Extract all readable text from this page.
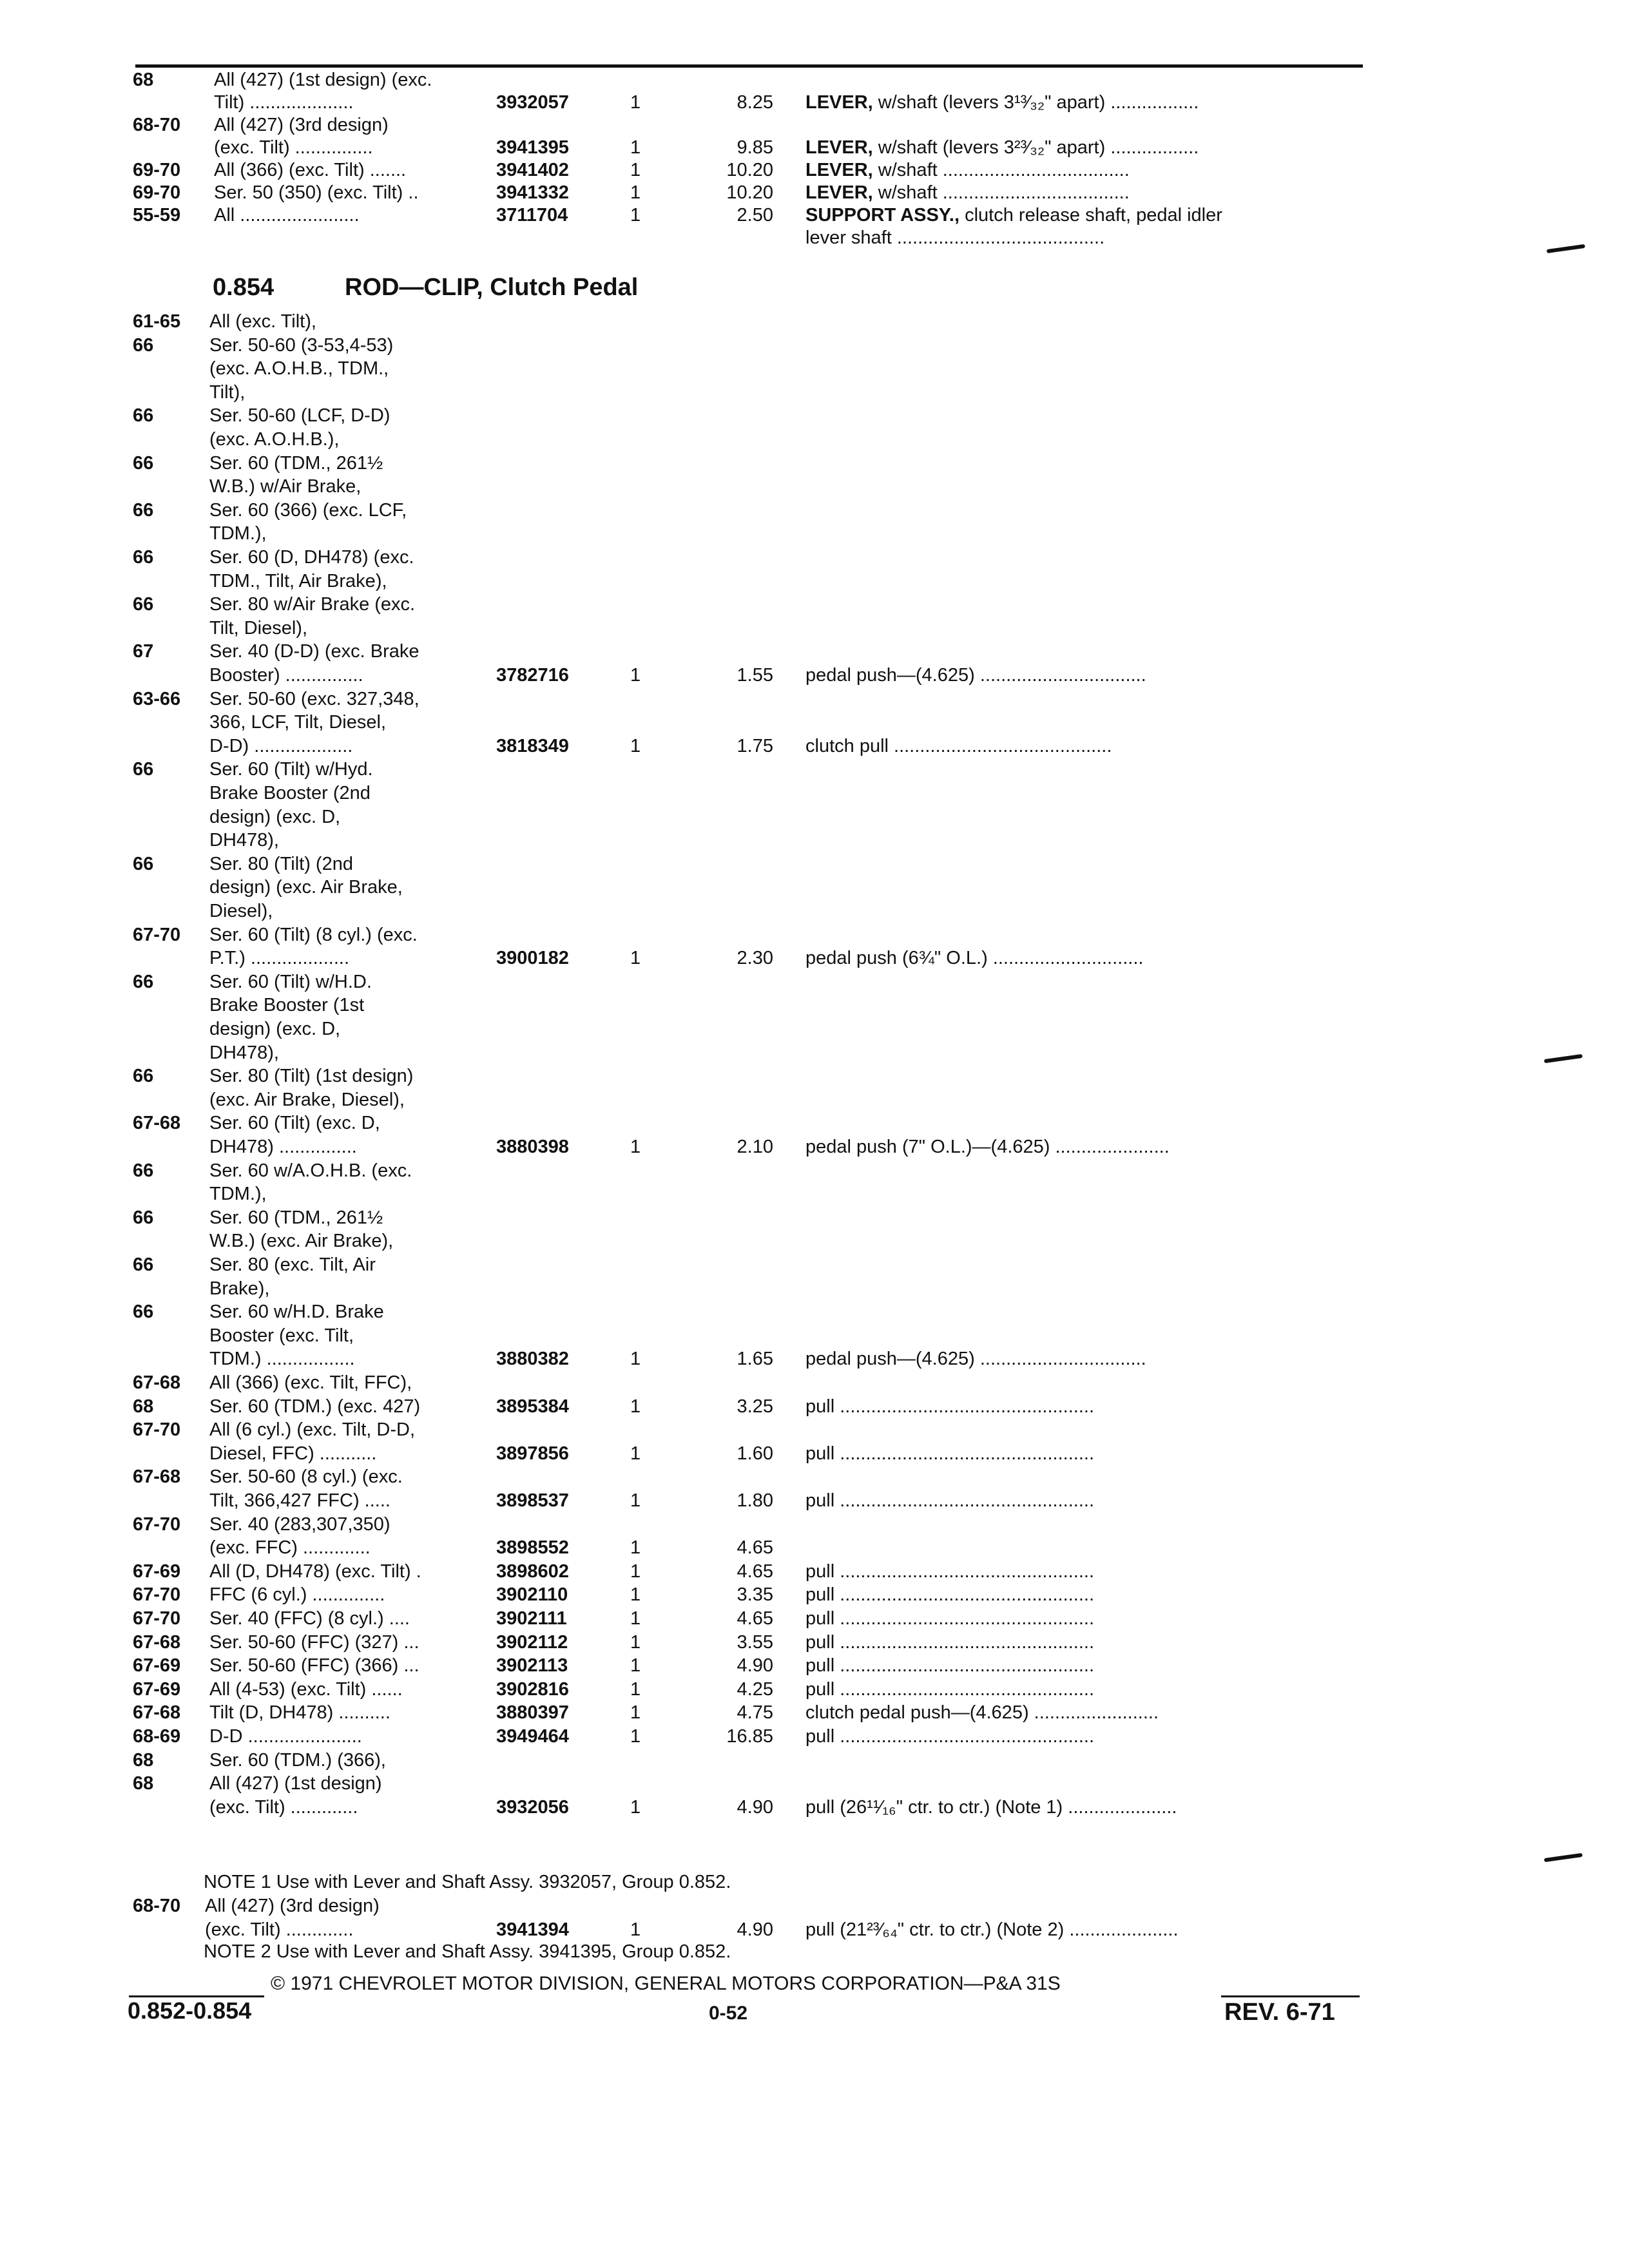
68	All (427) (1st design) (exc.
Tilt) ....................	3932057	1	8.25 LEVER, w/shaft (levers 3¹³⁄₃₂" apart) .................
68-70 All (427) (3rd design)
(exc. Tilt) ...............	3941395	1	9.85 LEVER, w/shaft (levers 3²³⁄₃₂" apart) .................
69-70 All (366) (exc. Tilt) .......	3941402	1	10.20 LEVER, w/shaft ....................................
69-70 Ser. 50 (350) (exc. Tilt) ..	3941332	1	10.20 LEVER, w/shaft ....................................
55-59 All .......................	3711704	1	2.50 SUPPORT ASSY., clutch release shaft, pedal idler
lever shaft ........................................
0.854	ROD—CLIP, Clutch Pedal
61-65 All (exc. Tilt),
66	Ser. 50-60 (3-53,4-53)
(exc. A.O.H.B., TDM.,
Tilt),
66	Ser. 50-60 (LCF, D-D)
(exc. A.O.H.B.),
66	Ser. 60 (TDM., 261½
W.B.) w/Air Brake,
66	Ser. 60 (366) (exc. LCF,
TDM.),
66	Ser. 60 (D, DH478) (exc.
TDM., Tilt, Air Brake),
66	Ser. 80 w/Air Brake (exc.
Tilt, Diesel),
67	Ser. 40 (D-D) (exc. Brake
Booster) ...............	3782716	1	1.55 pedal push—(4.625) ................................
63-66 Ser. 50-60 (exc. 327,348,
366, LCF, Tilt, Diesel,
D-D) ...................	3818349	1	1.75 clutch pull ..........................................
66	Ser. 60 (Tilt) w/Hyd.
Brake Booster (2nd
design) (exc. D,
DH478),
66	Ser. 80 (Tilt) (2nd
design) (exc. Air Brake,
Diesel),
67-70 Ser. 60 (Tilt) (8 cyl.) (exc.
P.T.) ...................	3900182	1	2.30 pedal push (6¾" O.L.) .............................
66	Ser. 60 (Tilt) w/H.D.
Brake Booster (1st
design) (exc. D,
DH478),
66	Ser. 80 (Tilt) (1st design)
(exc. Air Brake, Diesel),
67-68 Ser. 60 (Tilt) (exc. D,
DH478) ...............	3880398	1	2.10 pedal push (7" O.L.)—(4.625) ......................
66	Ser. 60 w/A.O.H.B. (exc.
TDM.),
66	Ser. 60 (TDM., 261½
W.B.) (exc. Air Brake),
66	Ser. 80 (exc. Tilt, Air
Brake),
66	Ser. 60 w/H.D. Brake
Booster (exc. Tilt,
TDM.) .................	3880382	1	1.65 pedal push—(4.625) ................................
67-68 All (366) (exc. Tilt, FFC),
68	Ser. 60 (TDM.) (exc. 427)	3895384	1	3.25 pull .................................................
67-70 All (6 cyl.) (exc. Tilt, D-D,
Diesel, FFC) ...........	3897856	1	1.60 pull .................................................
67-68 Ser. 50-60 (8 cyl.) (exc.
Tilt, 366,427 FFC) .....	3898537	1	1.80 pull .................................................
67-70 Ser. 40 (283,307,350)
(exc. FFC) .............	3898552	1	4.65
67-69 All (D, DH478) (exc. Tilt) .	3898602	1	4.65 pull .................................................
67-70 FFC (6 cyl.) ..............	3902110	1	3.35 pull .................................................
67-70 Ser. 40 (FFC) (8 cyl.) ....	3902111	1	4.65 pull .................................................
67-68 Ser. 50-60 (FFC) (327) ...	3902112	1	3.55 pull .................................................
67-69 Ser. 50-60 (FFC) (366) ...	3902113	1	4.90 pull .................................................
67-69 All (4-53) (exc. Tilt) ......	3902816	1	4.25 pull .................................................
67-68 Tilt (D, DH478) ..........	3880397	1	4.75 clutch pedal push—(4.625) ........................
68-69 D-D ......................	3949464	1	16.85 pull .................................................
68	Ser. 60 (TDM.) (366),
68	All (427) (1st design)
(exc. Tilt) .............	3932056	1	4.90 pull (26¹¹⁄₁₆" ctr. to ctr.) (Note 1) .....................
NOTE 1 Use with Lever and Shaft Assy. 3932057, Group 0.852.
68-70 All (427) (3rd design)
(exc. Tilt) .............	3941394	1	4.90 pull (21²³⁄₆₄" ctr. to ctr.) (Note 2) .....................
NOTE 2 Use with Lever and Shaft Assy. 3941395, Group 0.852.
© 1971 CHEVROLET MOTOR DIVISION, GENERAL MOTORS CORPORATION—P&A 31S
0.852-0.854	0-52	REV. 6-71
